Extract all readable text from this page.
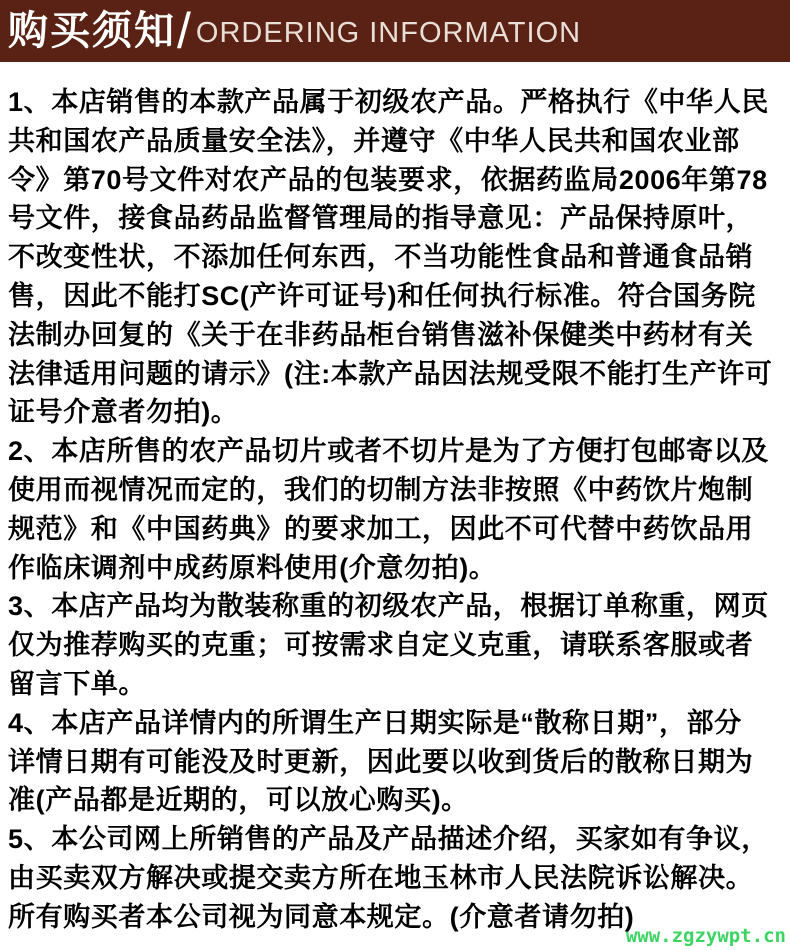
购买须知 / ORDERING INFORMATION
1、本店销售的本款产品属于初级农产品。严格执行《中华人民
共和国农产品质量安全法》，并遵守《中华人民共和国农业部
令》第70号文件对农产品的包装要求，依据药监局2006年第78
号文件，接食品药品监督管理局的指导意见：产品保持原叶，
不改变性状，不添加任何东西，不当功能性食品和普通食品销
售，因此不能打SC(产许可证号)和任何执行标准。符合国务院
法制办回复的《关于在非药品柜台销售滋补保健类中药材有关
法律适用问题的请示》(注:本款产品因法规受限不能打生产许可
证号介意者勿拍)。
2、本店所售的农产品切片或者不切片是为了方便打包邮寄以及
使用而视情况而定的，我们的切制方法非按照《中药饮片炮制
规范》和《中国药典》的要求加工，因此不可代替中药饮品用
作临床调剂中成药原料使用(介意勿拍)。
3、本店产品均为散装称重的初级农产品，根据订单称重，网页
仅为推荐购买的克重；可按需求自定义克重，请联系客服或者
留言下单。
4、本店产品详情内的所谓生产日期实际是“散称日期”，部分
详情日期有可能没及时更新，因此要以收到货后的散称日期为
准(产品都是近期的，可以放心购买)。
5、本公司网上所销售的产品及产品描述介绍，买家如有争议，
由买卖双方解决或提交卖方所在地玉林市人民法院诉讼解决。
所有购买者本公司视为同意本规定。(介意者请勿拍)
www.zgzywpt.cn
